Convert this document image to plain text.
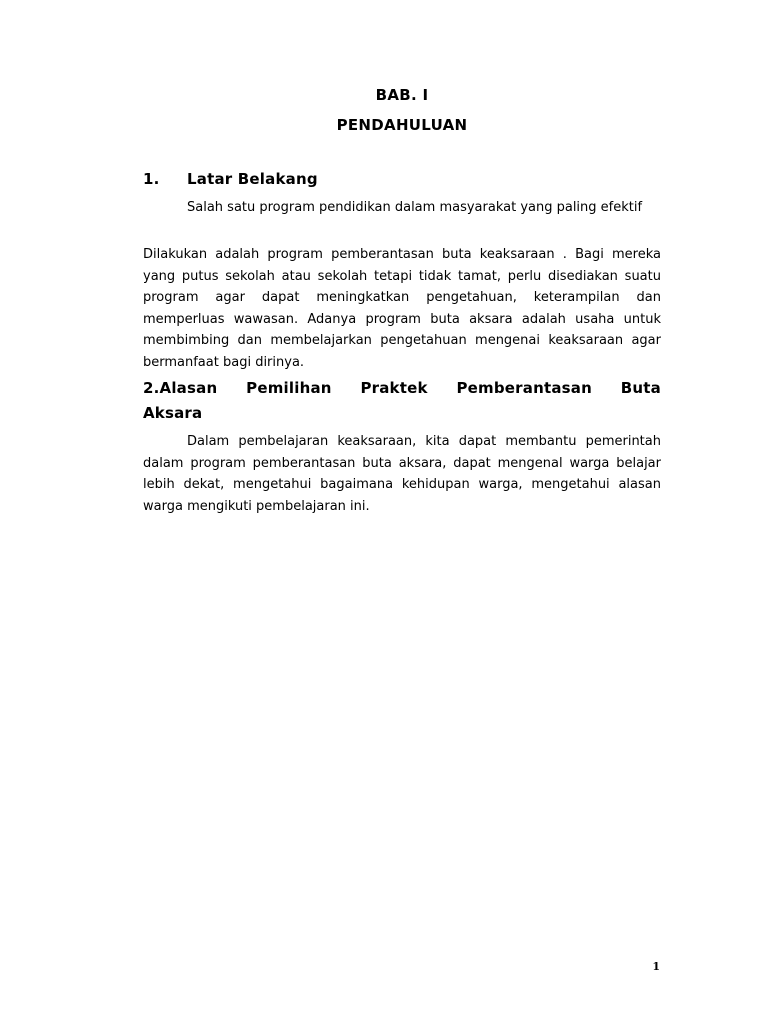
BAB. I
PENDAHULUAN
1. Latar Belakang
Salah satu program pendidikan dalam masyarakat yang paling efektif
Dilakukan adalah program pemberantasan buta keaksaraan . Bagi mereka yang putus sekolah atau sekolah tetapi tidak tamat, perlu disediakan suatu program agar dapat meningkatkan pengetahuan, keterampilan dan memperluas wawasan. Adanya program buta aksara adalah usaha untuk membimbing dan membelajarkan pengetahuan mengenai keaksaraan agar bermanfaat bagi dirinya.
2.Alasan Pemilihan Praktek Pemberantasan Buta
Aksara
Dalam pembelajaran keaksaraan, kita dapat membantu pemerintah dalam program pemberantasan buta aksara, dapat mengenal warga belajar lebih dekat, mengetahui bagaimana kehidupan warga, mengetahui alasan warga mengikuti pembelajaran ini.
1
